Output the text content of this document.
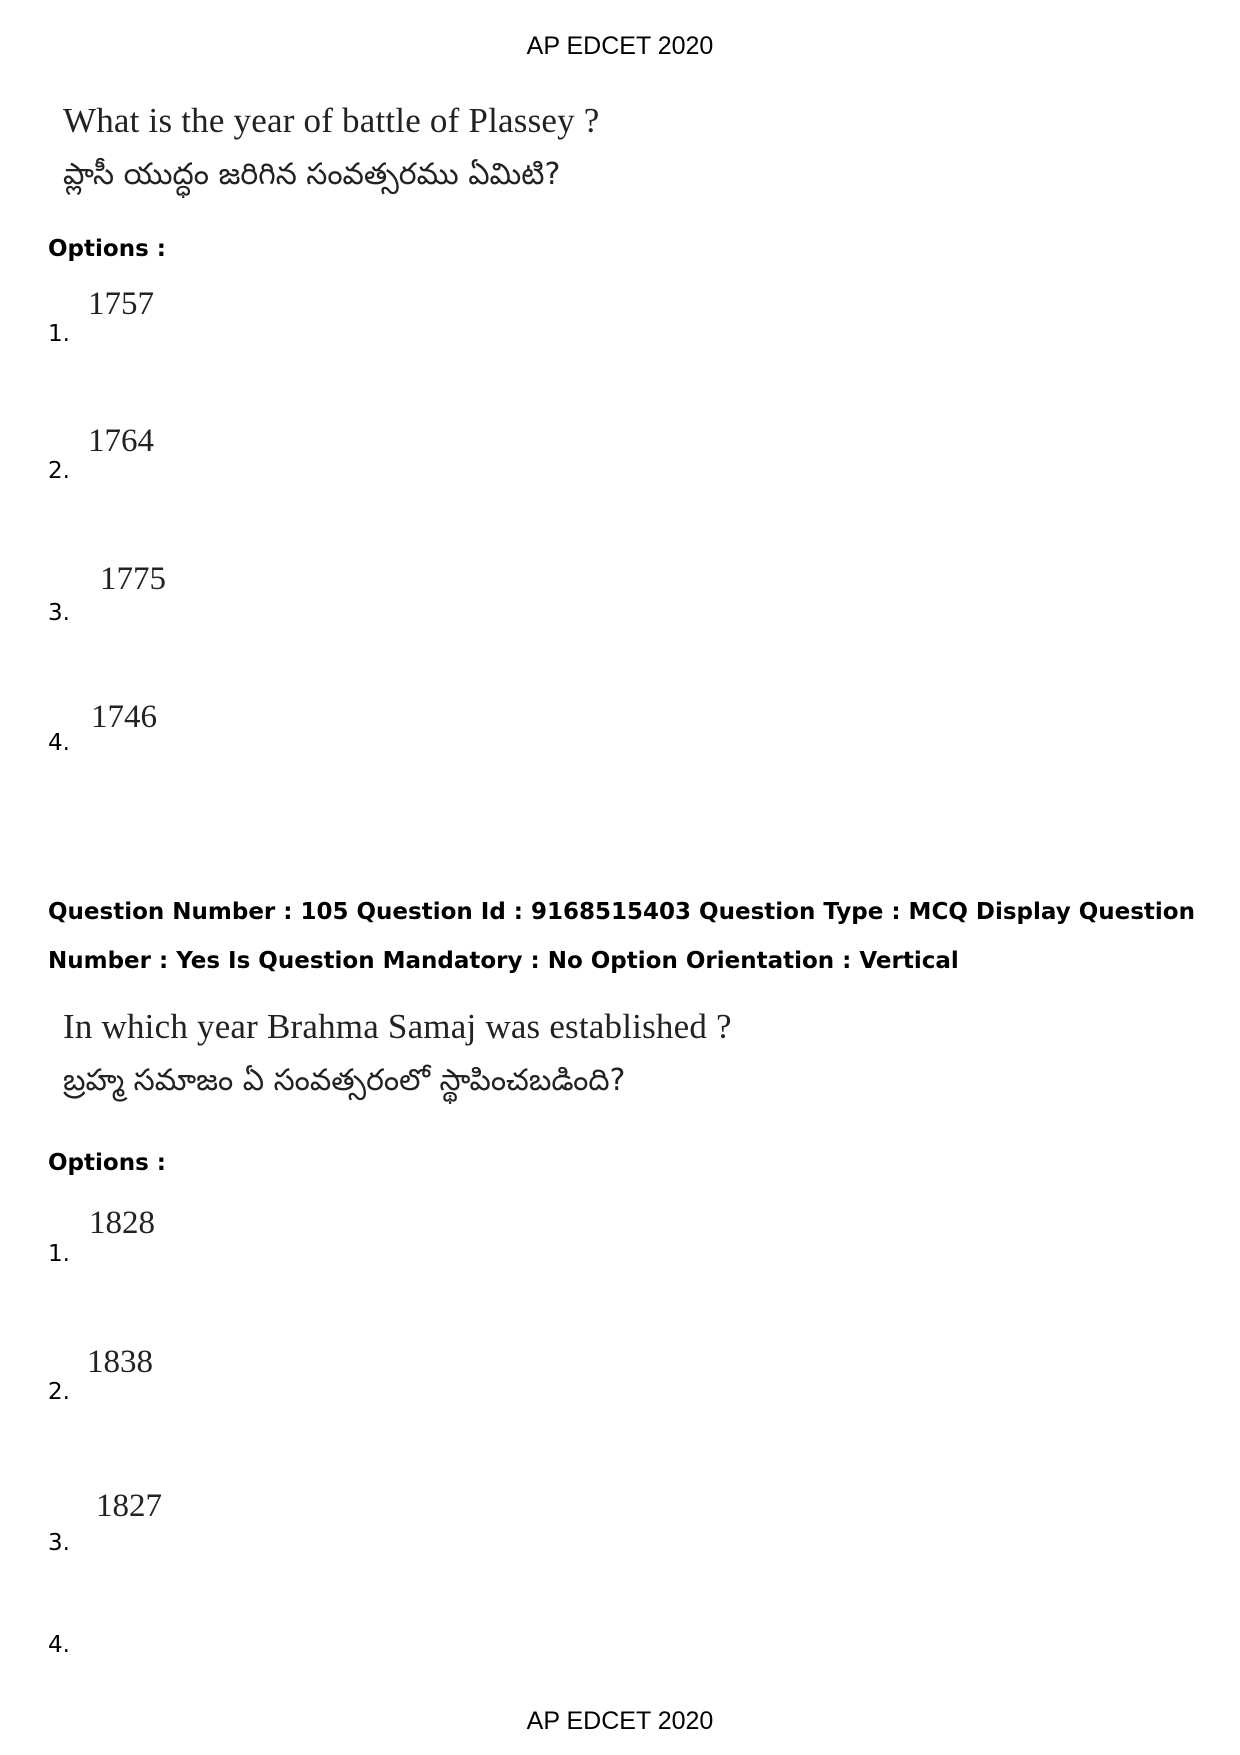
AP EDCET 2020
What is the year of battle of Plassey ?
ప్లాసీ యుద్ధం జరిగిన సంవత్సరము ఏమిటి?
Options :
1757
1.
1764
2.
1775
3.
1746
4.
Question Number : 105 Question Id : 9168515403 Question Type : MCQ Display Question
Number : Yes Is Question Mandatory : No Option Orientation : Vertical
In which year Brahma Samaj was established ?
బ్రహ్మ సమాజం ఏ సంవత్సరంలో స్థాపించబడింది?
Options :
1828
1.
1838
2.
1827
3.
4.
AP EDCET 2020
